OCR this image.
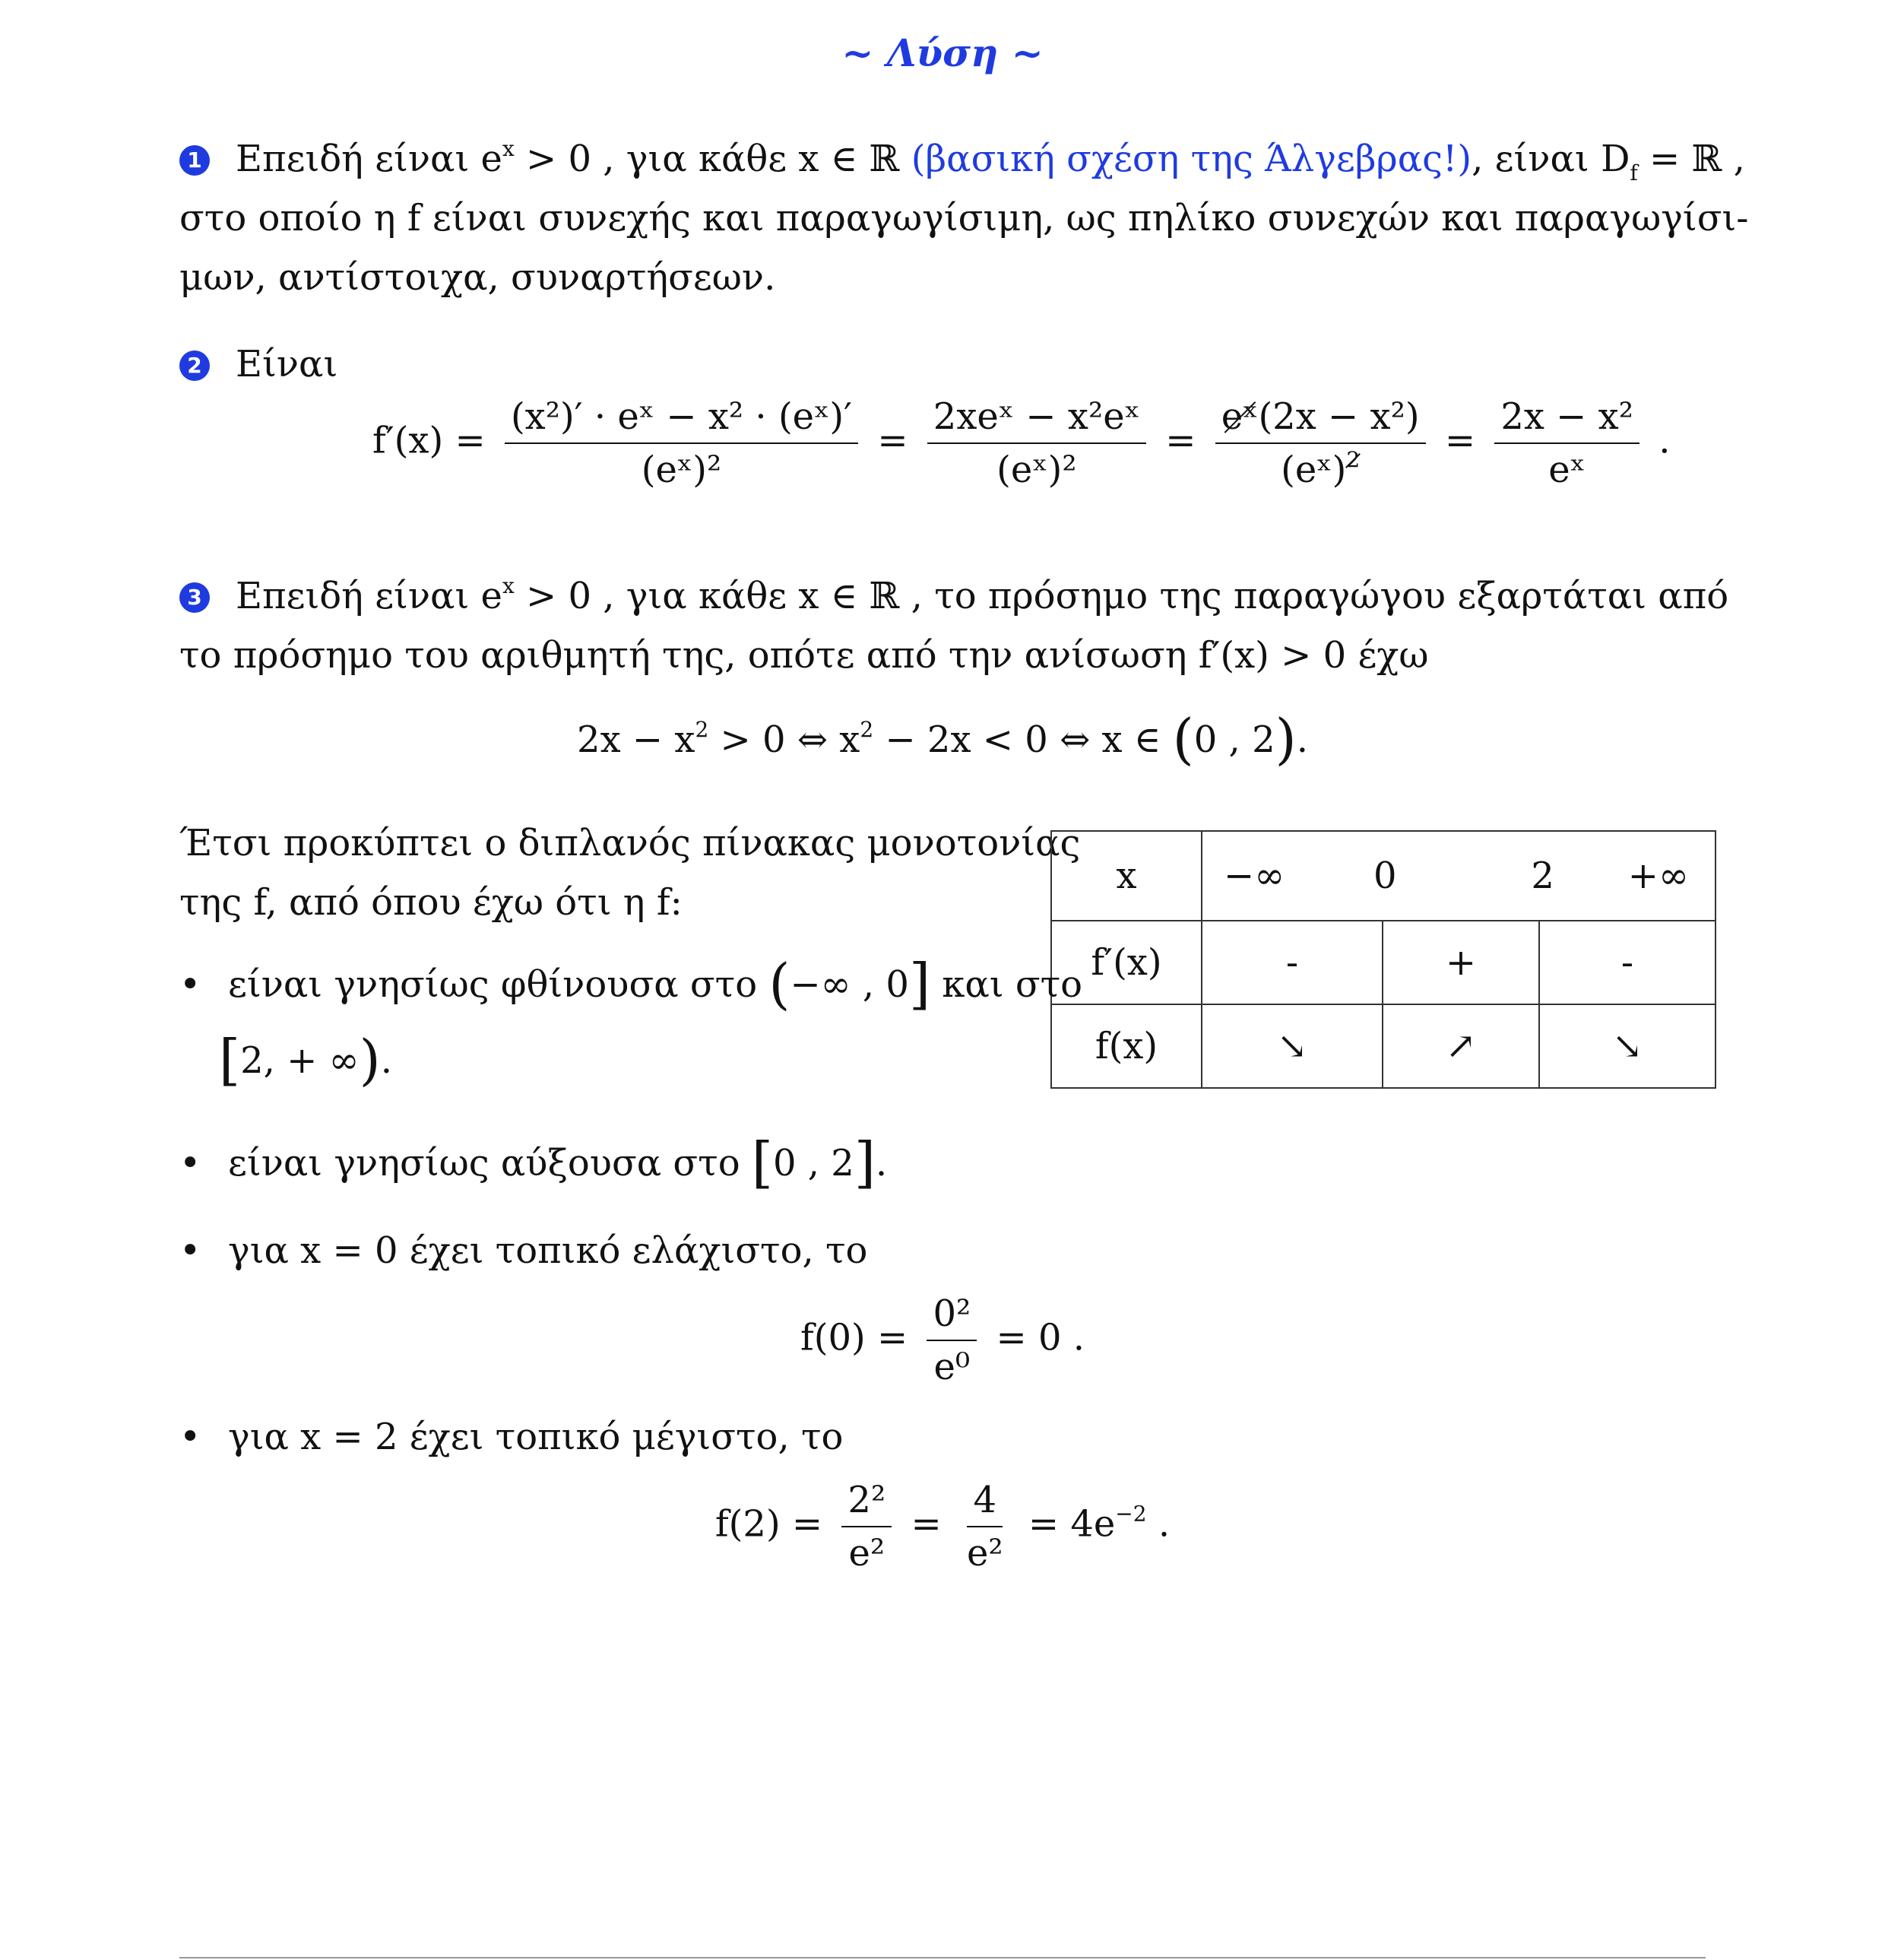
~ Λύση ~
1 Επειδή είναι $e^x > 0$ , για κάθε x ∈ ℝ (βασική σχέση της Άλγεβρας!), είναι $D_f$ = ℝ ,
στο οποίο η f είναι συνεχής και παραγωγίσιμη, ως πηλίκο συνεχών και παραγωγίσι-
μων, αντίστοιχα, συναρτήσεων.
2 Είναι
$f'(x) = \frac{\text{(x²)′ · eˣ − x² · (eˣ)′}}{\text{(eˣ)²}} = \frac{\text{2xeˣ − x²eˣ}}{\text{(eˣ)²}} = \frac{\text{eˣ(2x − x²)}}{(eˣ)^2} = \frac{\text{2x − x²}}{\text{eˣ}}$ .
3 Επειδή είναι $e^x > 0$ , για κάθε x ∈ ℝ , το πρόσημο της παραγώγου εξαρτάται από
το πρόσημο του αριθμητή της, οπότε από την ανίσωση f′(x) > 0 έχω
$2x - x^2 > 0$ ⇔ $x^2 - 2x < 0$ ⇔ x ∈ (0 , 2).
Έτσι προκύπτει ο διπλανός πίνακας μονοτονίας
της f, από όπου έχω ότι η f:
x	−∞ 0 2 +∞		

f′(x)	-	+	-
f(x)	↘	↗	↘
• είναι γνησίως φθίνουσα στο (−∞ , 0] και στο
[2, + ∞).
• είναι γνησίως αύξουσα στο [0 , 2].
• για x = 0 έχει τοπικό ελάχιστο, το
$f(0) = \frac{\text{0²}}{\text{e⁰}} = 0$ .
• για x = 2 έχει τοπικό μέγιστο, το
$f(2) = \frac{\text{2²}}{\text{e²}} = \frac{4}{\text{e²}} = 4e^{-2}$ .
